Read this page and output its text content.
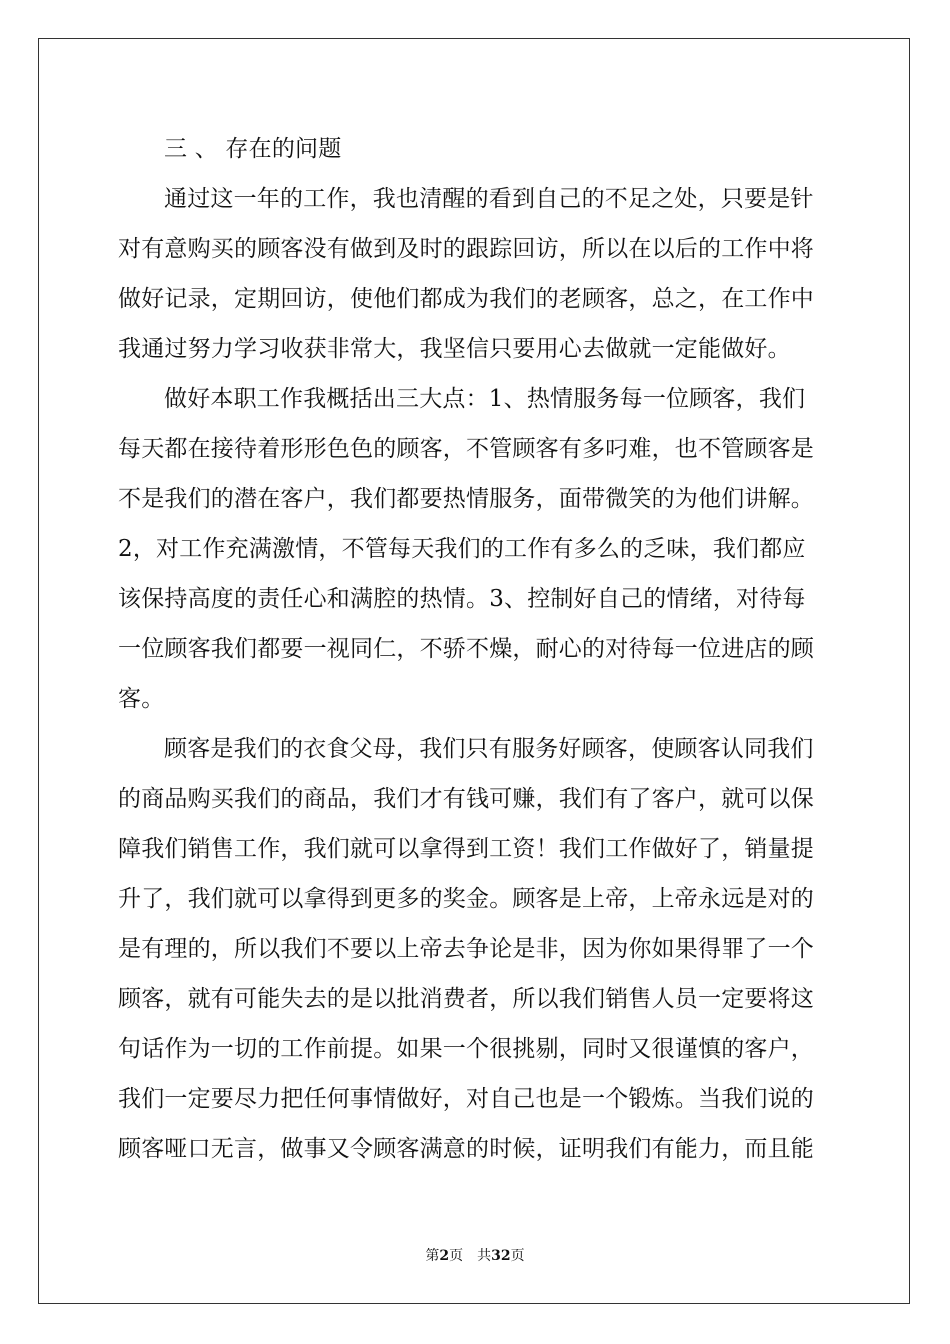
三 、 存在的问题
通过这一年的工作，我也清醒的看到自己的不足之处，只要是针
对有意购买的顾客没有做到及时的跟踪回访，所以在以后的工作中将
做好记录，定期回访，使他们都成为我们的老顾客，总之，在工作中
我通过努力学习收获非常大，我坚信只要用心去做就一定能做好。
做好本职工作我概括出三大点：1、热情服务每一位顾客，我们
每天都在接待着形形色色的顾客，不管顾客有多叼难，也不管顾客是
不是我们的潜在客户，我们都要热情服务，面带微笑的为他们讲解。
2，对工作充满激情，不管每天我们的工作有多么的乏味，我们都应
该保持高度的责任心和满腔的热情。3、控制好自己的情绪，对待每
一位顾客我们都要一视同仁，不骄不燥，耐心的对待每一位进店的顾
客。
顾客是我们的衣食父母，我们只有服务好顾客，使顾客认同我们
的商品购买我们的商品，我们才有钱可赚，我们有了客户，就可以保
障我们销售工作，我们就可以拿得到工资！我们工作做好了，销量提
升了，我们就可以拿得到更多的奖金。顾客是上帝，上帝永远是对的
是有理的，所以我们不要以上帝去争论是非，因为你如果得罪了一个
顾客，就有可能失去的是以批消费者，所以我们销售人员一定要将这
句话作为一切的工作前提。如果一个很挑剔，同时又很谨慎的客户，
我们一定要尽力把任何事情做好，对自己也是一个锻炼。当我们说的
顾客哑口无言，做事又令顾客满意的时候，证明我们有能力，而且能
第2页 共32页
